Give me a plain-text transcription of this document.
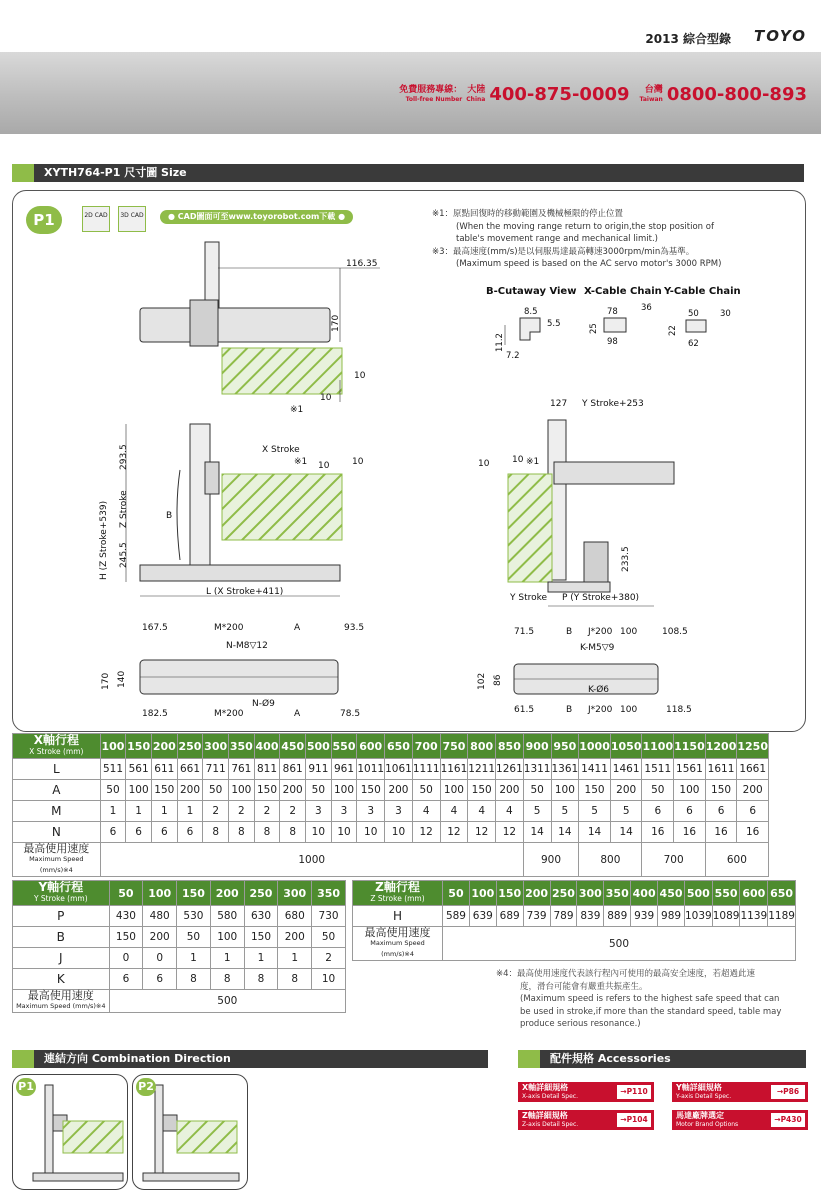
2013 綜合型錄 TOYO
免費服務專線：
Toll-free Number
大陸
China 400-875-0009	台灣
Taiwan 0800-800-893
XYTH764-P1 尺寸圖 Size
P1	2D CAD	3D CAD	● CAD圖面可至www.toyorobot.com下載 ●	※1：原點回復時的移動範圍及機械極限的停止位置
(When the moving range return to origin,the stop position of
table's movement range and mechanical limit.)
※3：最高速度(mm/s)是以伺服馬達最高轉速3000rpm/min為基準。
(Maximum speed is based on the AC servo motor's 3000 RPM)
B-Cutaway View X-Cable Chain Y-Cable Chain
116.35
170
10
10
※1
8.5
5.5
11.2
7.2
78	36
25
98
50 30
22
62
293.5	X Stroke
※1 10	10
H (Z Stroke+539) Z Stroke	B
245.5
L (X Stroke+411)
127 Y Stroke+253
10	10 ※1
233.5
Y Stroke P (Y Stroke+380)
167.5	M*200	A	93.5
N-M8▽12
170 140
182.5	M*200
N-Ø9
A	78.5
71.5	B J*200 100	108.5
K-M5▽9
102 86
K-Ø6
61.5	B J*200 100	118.5
X軸行程
X Stroke (mm)	100	150	200	250	300	350	400	450	500	550	600	650	700	750	800	850	900	950	1000	1050	1100	1150	1200	1250
L	511	561	611	661	711	761	811	861	911	961	1011	1061	1111	1161	1211	1261	1311	1361	1411	1461	1511	1561	1611	1661
A	50	100	150	200	50	100	150	200	50	100	150	200	50	100	150	200	50	100	150	200	50	100	150	200
M	1	1	1	1	2	2	2	2	3	3	3	3	4	4	4	4	5	5	5	5	6	6	6	6
N	6	6	6	6	8	8	8	8	10	10	10	10	12	12	12	12	14	14	14	14	16	16	16	16
最高使用速度
Maximum Speed (mm/s)※4	1000																900		800		700		600	
Y軸行程
Y Stroke (mm)	50	100	150	200	250	300	350
P	430	480	530	580	630	680	730
B	150	200	50	100	150	200	50
J	0	0	1	1	1	1	2
K	6	6	8	8	8	8	10
最高使用速度
Maximum Speed (mm/s)※4	500						
Z軸行程
Z Stroke (mm)	50	100	150	200	250	300	350	400	450	500	550	600	650
H	589	639	689	739	789	839	889	939	989	1039	1089	1139	1189
最高使用速度
Maximum Speed (mm/s)※4	500												
※4：最高使用速度代表該行程內可使用的最高安全速度，若超過此速
度，滑台可能會有嚴重共振產生。
(Maximum speed is refers to the highest safe speed that can
be used in stroke,if more than the standard speed, table may
produce serious resonance.)
連結方向 Combination Direction
P1	P2
配件規格 Accessories
X軸詳細規格
X-axis Detail Spec.
→P110	Y軸詳細規格
Y-axis Detail Spec.
→P86
Z軸詳細規格
Z-axis Detail Spec.
→P104	馬達廠牌選定
Motor Brand Options
→P430
